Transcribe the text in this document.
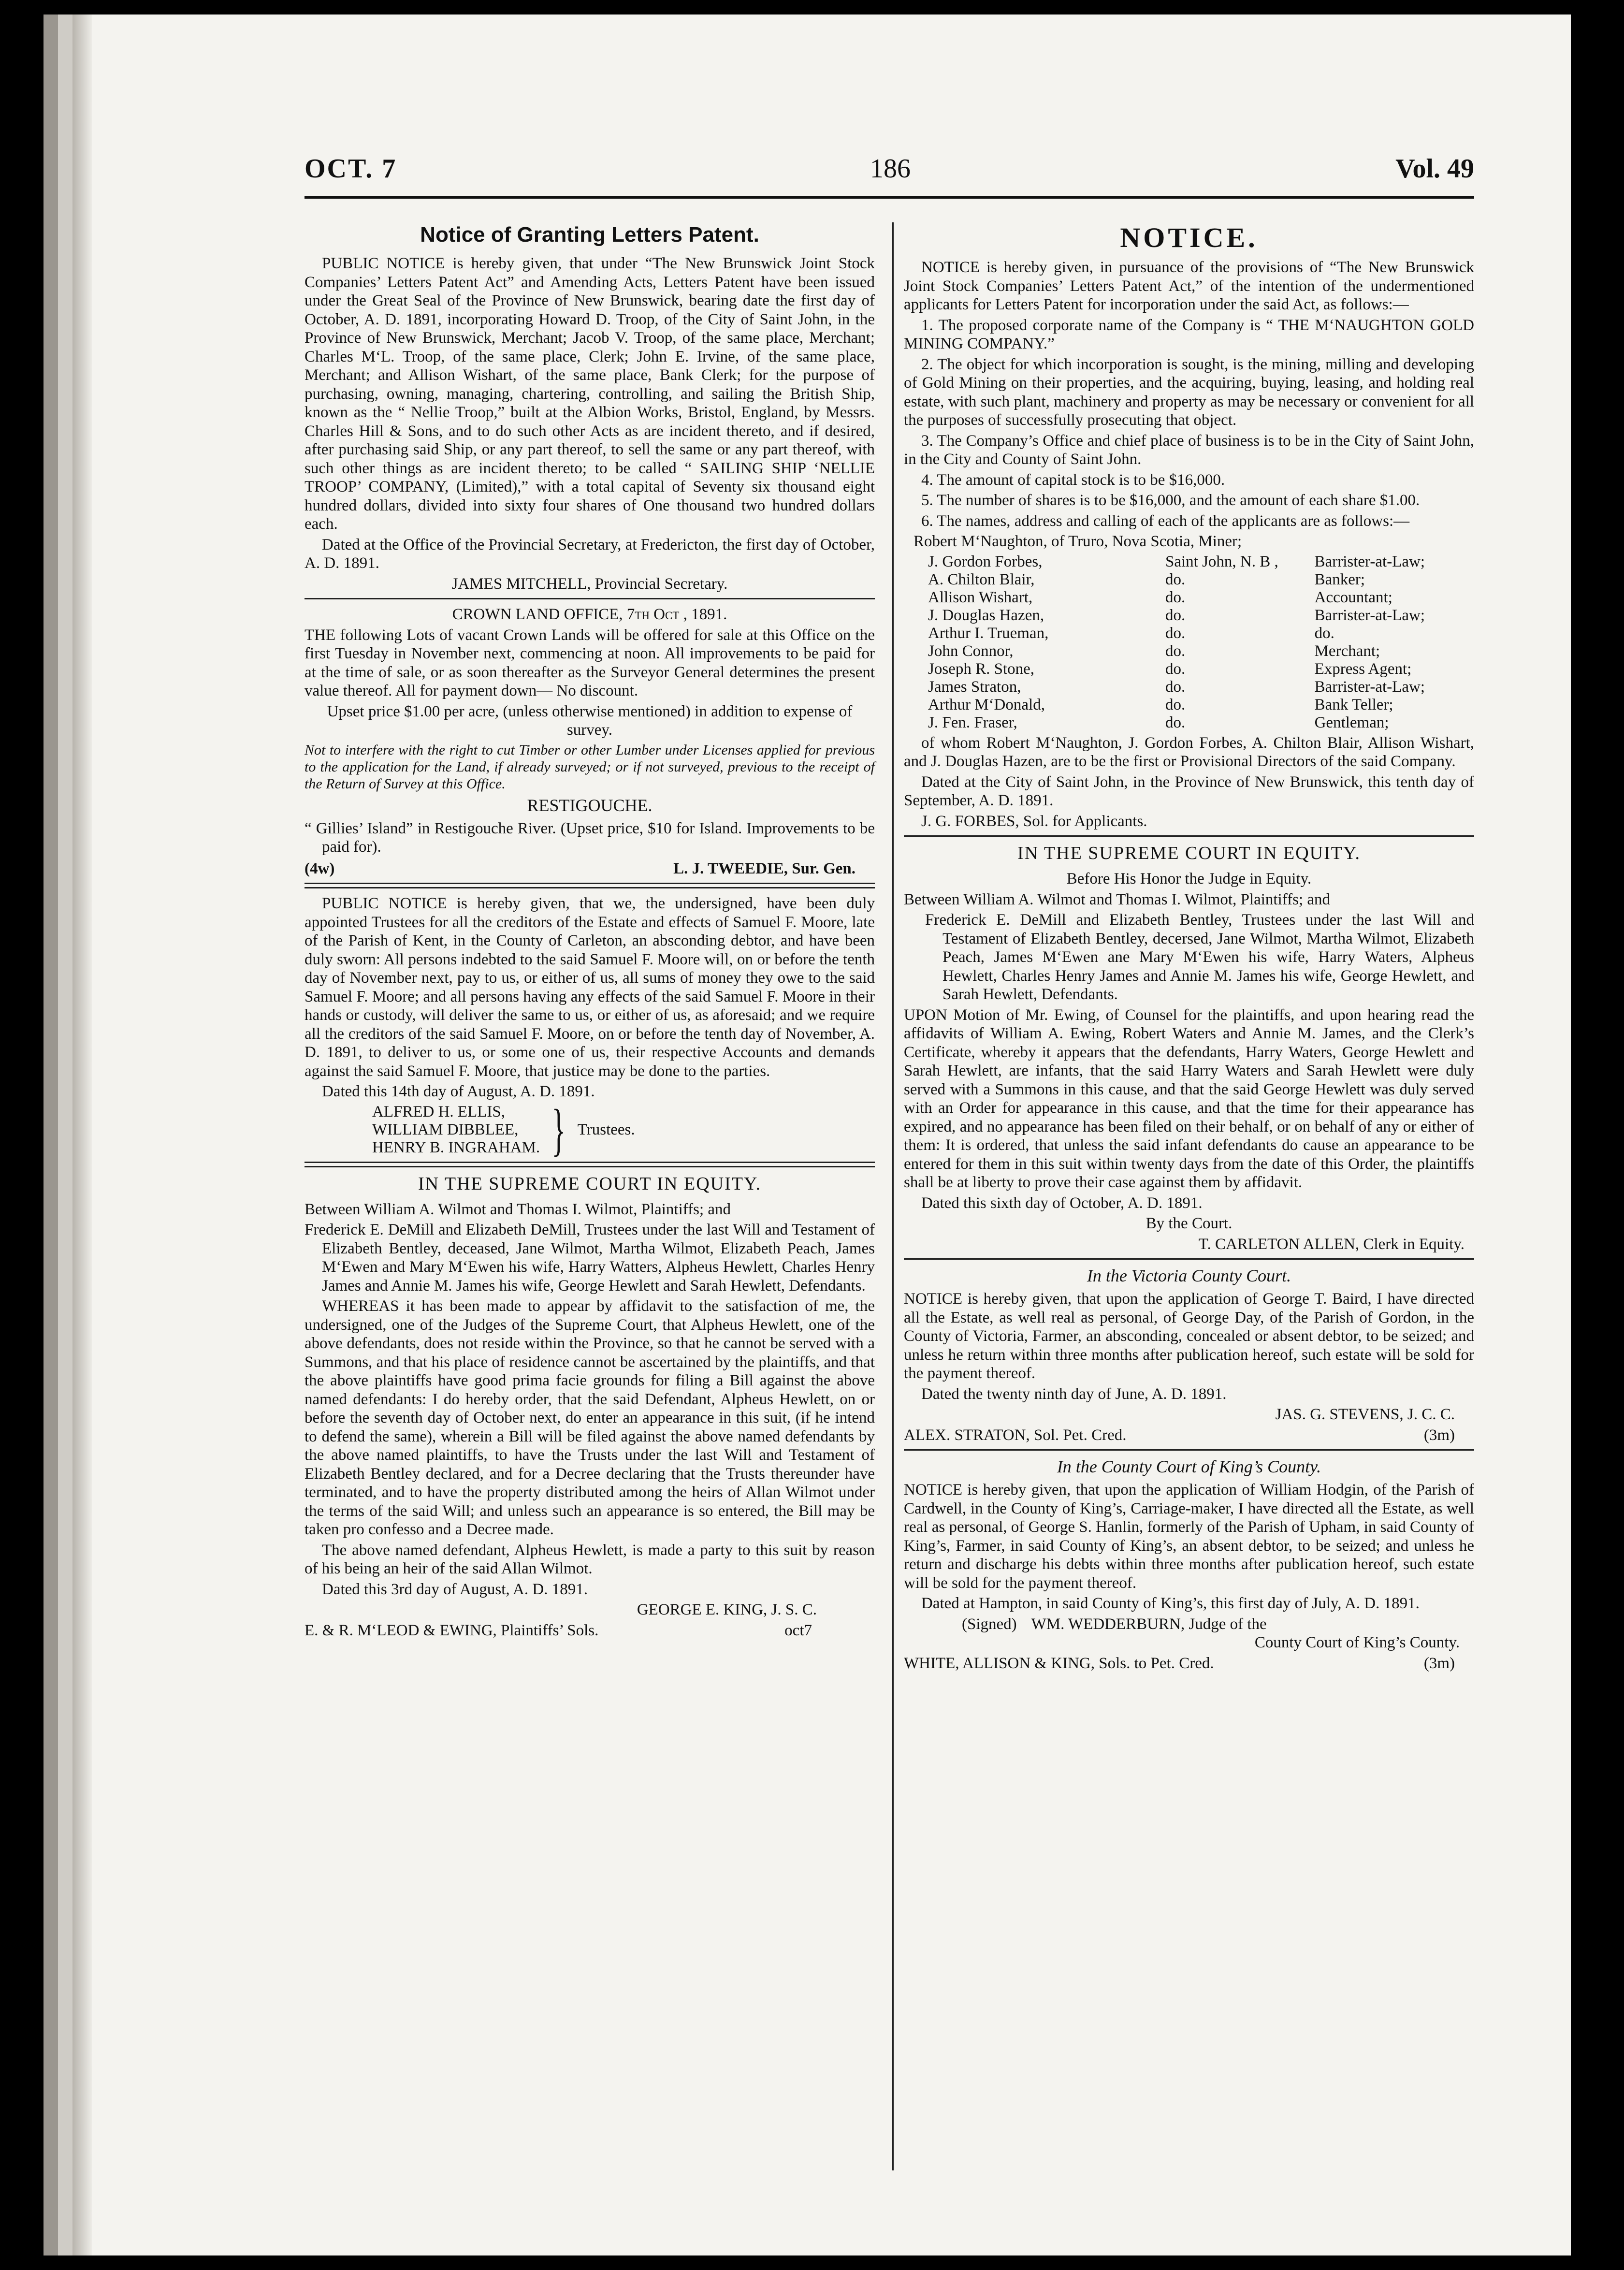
OCT. 7	186	Vol. 49
Notice of Granting Letters Patent.

PUBLIC NOTICE is hereby given, that under “The New Brunswick Joint Stock Companies’ Letters Patent Act” and Amending Acts, Letters Patent have been issued under the Great Seal of the Province of New Brunswick, bearing date the first day of October, A. D. 1891, incorporating Howard D. Troop, of the City of Saint John, in the Province of New Brunswick, Merchant; Jacob V. Troop, of the same place, Merchant; Charles M‘L. Troop, of the same place, Clerk; John E. Irvine, of the same place, Merchant; and Allison Wishart, of the same place, Bank Clerk; for the purpose of purchasing, owning, managing, chartering, controlling, and sailing the British Ship, known as the “ Nellie Troop,” built at the Albion Works, Bristol, England, by Messrs. Charles Hill & Sons, and to do such other Acts as are incident thereto, and if desired, after purchasing said Ship, or any part thereof, to sell the same or any part thereof, with such other things as are incident thereto; to be called “ SAILING SHIP ‘NELLIE TROOP’ COMPANY, (Limited),” with a total capital of Seventy six thousand eight hundred dollars, divided into sixty four shares of One thousand two hundred dollars each.

Dated at the Office of the Provincial Secretary, at Fredericton, the first day of October, A. D. 1891.

JAMES MITCHELL, Provincial Secretary.

CROWN LAND OFFICE, 7th Oct , 1891.

THE following Lots of vacant Crown Lands will be offered for sale at this Office on the first Tuesday in November next, commencing at noon. All improvements to be paid for at the time of sale, or as soon thereafter as the Surveyor General determines the present value thereof. All for payment down— No discount.

Upset price $1.00 per acre, (unless otherwise mentioned) in addition to expense of survey.

Not to interfere with the right to cut Timber or other Lumber under Licenses applied for previous to the application for the Land, if already surveyed; or if not surveyed, previous to the receipt of the Return of Survey at this Office.

RESTIGOUCHE.

“ Gillies’ Island” in Restigouche River. (Upset price, $10 for Island. Improvements to be paid for).

(4w)	L. J. TWEEDIE, Sur. Gen.

PUBLIC NOTICE is hereby given, that we, the undersigned, have been duly appointed Trustees for all the creditors of the Estate and effects of Samuel F. Moore, late of the Parish of Kent, in the County of Carleton, an absconding debtor, and have been duly sworn: All persons indebted to the said Samuel F. Moore will, on or before the tenth day of November next, pay to us, or either of us, all sums of money they owe to the said Samuel F. Moore; and all persons having any effects of the said Samuel F. Moore in their hands or custody, will deliver the same to us, or either of us, as aforesaid; and we require all the creditors of the said Samuel F. Moore, on or before the tenth day of November, A. D. 1891, to deliver to us, or some one of us, their respective Accounts and demands against the said Samuel F. Moore, that justice may be done to the parties.

Dated this 14th day of August, A. D. 1891.

ALFRED H. ELLIS,
WILLIAM DIBBLEE,
HENRY B. INGRAHAM. } Trustees.

IN THE SUPREME COURT IN EQUITY.

Between William A. Wilmot and Thomas I. Wilmot, Plaintiffs; and

Frederick E. DeMill and Elizabeth DeMill, Trustees under the last Will and Testament of Elizabeth Bentley, deceased, Jane Wilmot, Martha Wilmot, Elizabeth Peach, James M‘Ewen and Mary M‘Ewen his wife, Harry Watters, Alpheus Hewlett, Charles Henry James and Annie M. James his wife, George Hewlett and Sarah Hewlett, Defendants.

WHEREAS it has been made to appear by affidavit to the satisfaction of me, the undersigned, one of the Judges of the Supreme Court, that Alpheus Hewlett, one of the above defendants, does not reside within the Province, so that he cannot be served with a Summons, and that his place of residence cannot be ascertained by the plaintiffs, and that the above plaintiffs have good prima facie grounds for filing a Bill against the above named defendants: I do hereby order, that the said Defendant, Alpheus Hewlett, on or before the seventh day of October next, do enter an appearance in this suit, (if he intend to defend the same), wherein a Bill will be filed against the above named defendants by the above named plaintiffs, to have the Trusts under the last Will and Testament of Elizabeth Bentley declared, and for a Decree declaring that the Trusts thereunder have terminated, and to have the property distributed among the heirs of Allan Wilmot under the terms of the said Will; and unless such an appearance is so entered, the Bill may be taken pro confesso and a Decree made.

The above named defendant, Alpheus Hewlett, is made a party to this suit by reason of his being an heir of the said Allan Wilmot.

Dated this 3rd day of August, A. D. 1891.

GEORGE E. KING, J. S. C.

E. & R. M‘LEOD & EWING, Plaintiffs’ Sols.	oct7
NOTICE.

NOTICE is hereby given, in pursuance of the provisions of “The New Brunswick Joint Stock Companies’ Letters Patent Act,” of the intention of the undermentioned applicants for Letters Patent for incorporation under the said Act, as follows:—

1. The proposed corporate name of the Company is “ THE M‘NAUGHTON GOLD MINING COMPANY.”

2. The object for which incorporation is sought, is the mining, milling and developing of Gold Mining on their properties, and the acquiring, buying, leasing, and holding real estate, with such plant, machinery and property as may be necessary or convenient for all the purposes of successfully prosecuting that object.

3. The Company’s Office and chief place of business is to be in the City of Saint John, in the City and County of Saint John.

4. The amount of capital stock is to be $16,000.

5. The number of shares is to be $16,000, and the amount of each share $1.00.

6. The names, address and calling of each of the applicants are as follows:—

Robert M‘Naughton, of Truro, Nova Scotia, Miner;

J. Gordon Forbes,	Saint John, N. B ,	Barrister-at-Law;
A. Chilton Blair,	do.	Banker;
Allison Wishart,	do.	Accountant;
J. Douglas Hazen,	do.	Barrister-at-Law;
Arthur I. Trueman,	do.	do.
John Connor,	do.	Merchant;
Joseph R. Stone,	do.	Express Agent;
James Straton,	do.	Barrister-at-Law;
Arthur M‘Donald,	do.	Bank Teller;
J. Fen. Fraser,	do.	Gentleman;

of whom Robert M‘Naughton, J. Gordon Forbes, A. Chilton Blair, Allison Wishart, and J. Douglas Hazen, are to be the first or Provisional Directors of the said Company.

Dated at the City of Saint John, in the Province of New Brunswick, this tenth day of September, A. D. 1891.

J. G. FORBES, Sol. for Applicants.

IN THE SUPREME COURT IN EQUITY.

Before His Honor the Judge in Equity.

Between William A. Wilmot and Thomas I. Wilmot, Plaintiffs; and

Frederick E. DeMill and Elizabeth Bentley, Trustees under the last Will and Testament of Elizabeth Bentley, decersed, Jane Wilmot, Martha Wilmot, Elizabeth Peach, James M‘Ewen ane Mary M‘Ewen his wife, Harry Waters, Alpheus Hewlett, Charles Henry James and Annie M. James his wife, George Hewlett, and Sarah Hewlett, Defendants.

UPON Motion of Mr. Ewing, of Counsel for the plaintiffs, and upon hearing read the affidavits of William A. Ewing, Robert Waters and Annie M. James, and the Clerk’s Certificate, whereby it appears that the defendants, Harry Waters, George Hewlett and Sarah Hewlett, are infants, that the said Harry Waters and Sarah Hewlett were duly served with a Summons in this cause, and that the said George Hewlett was duly served with an Order for appearance in this cause, and that the time for their appearance has expired, and no appearance has been filed on their behalf, or on behalf of any or either of them: It is ordered, that unless the said infant defendants do cause an appearance to be entered for them in this suit within twenty days from the date of this Order, the plaintiffs shall be at liberty to prove their case against them by affidavit.

Dated this sixth day of October, A. D. 1891.

By the Court.

T. CARLETON ALLEN, Clerk in Equity.

In the Victoria County Court.

NOTICE is hereby given, that upon the application of George T. Baird, I have directed all the Estate, as well real as personal, of George Day, of the Parish of Gordon, in the County of Victoria, Farmer, an absconding, concealed or absent debtor, to be seized; and unless he return within three months after publication hereof, such estate will be sold for the payment thereof.

Dated the twenty ninth day of June, A. D. 1891.

JAS. G. STEVENS, J. C. C.

ALEX. STRATON, Sol. Pet. Cred.	(3m)

In the County Court of King’s County.

NOTICE is hereby given, that upon the application of William Hodgin, of the Parish of Cardwell, in the County of King’s, Carriage-maker, I have directed all the Estate, as well real as personal, of George S. Hanlin, formerly of the Parish of Upham, in said County of King’s, Farmer, in said County of King’s, an absent debtor, to be seized; and unless he return and discharge his debts within three months after publication hereof, such estate will be sold for the payment thereof.

Dated at Hampton, in said County of King’s, this first day of July, A. D. 1891.

(Signed) WM. WEDDERBURN, Judge of the

County Court of King’s County.

WHITE, ALLISON & KING, Sols. to Pet. Cred.	(3m)
